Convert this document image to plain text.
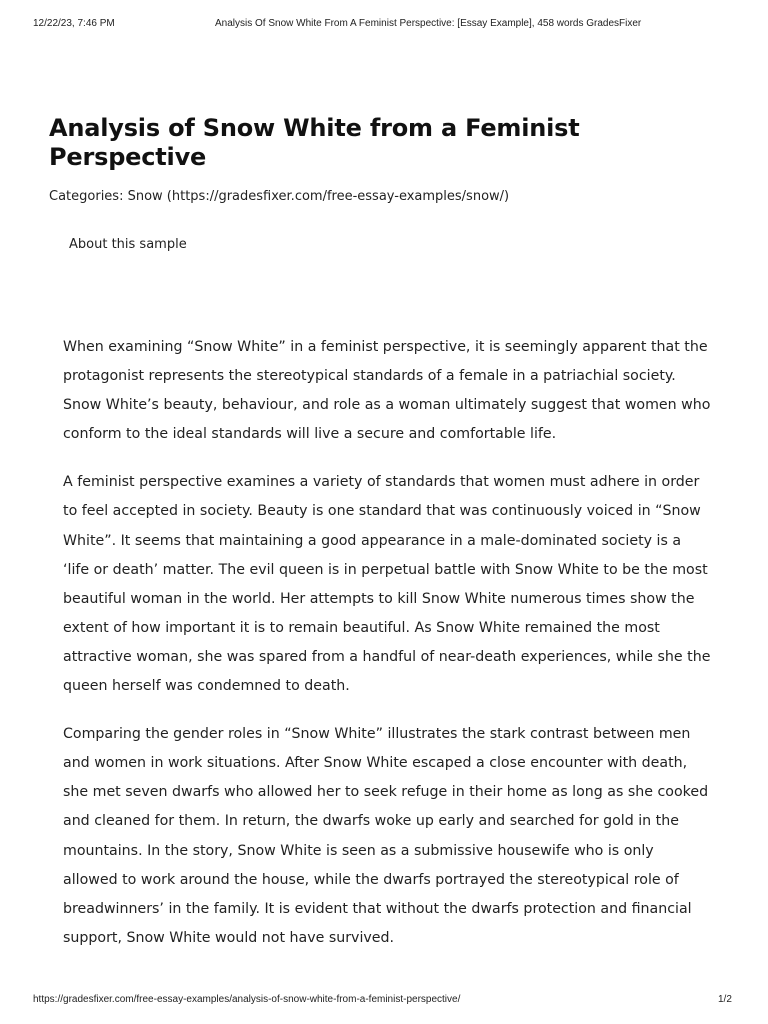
12/22/23, 7:46 PM	Analysis Of Snow White From A Feminist Perspective: [Essay Example], 458 words GradesFixer
Analysis of Snow White from a Feminist Perspective
Categories: Snow (https://gradesfixer.com/free-essay-examples/snow/)
About this sample

When examining “Snow White” in a feminist perspective, it is seemingly apparent that the protagonist represents the stereotypical standards of a female in a patriachial society. Snow White’s beauty, behaviour, and role as a woman ultimately suggest that women who conform to the ideal standards will live a secure and comfortable life.

A feminist perspective examines a variety of standards that women must adhere in order to feel accepted in society. Beauty is one standard that was continuously voiced in “Snow White”. It seems that maintaining a good appearance in a male-dominated society is a ‘life or death’ matter. The evil queen is in perpetual battle with Snow White to be the most beautiful woman in the world. Her attempts to kill Snow White numerous times show the extent of how important it is to remain beautiful. As Snow White remained the most attractive woman, she was spared from a handful of near-death experiences, while she the queen herself was condemned to death.

Comparing the gender roles in “Snow White” illustrates the stark contrast between men and women in work situations. After Snow White escaped a close encounter with death, she met seven dwarfs who allowed her to seek refuge in their home as long as she cooked and cleaned for them. In return, the dwarfs woke up early and searched for gold in the mountains. In the story, Snow White is seen as a submissive housewife who is only allowed to work around the house, while the dwarfs portrayed the stereotypical role of breadwinners’ in the family. It is evident that without the dwarfs protection and financial support, Snow White would not have survived.

https://gradesfixer.com/free-essay-examples/analysis-of-snow-white-from-a-feminist-perspective/	1/2
